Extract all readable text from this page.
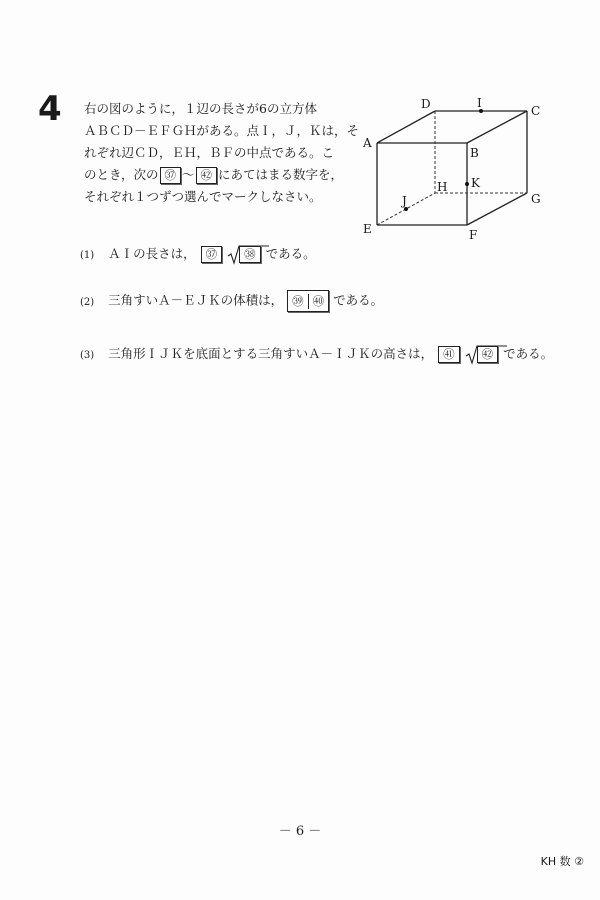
4 右の図のように，１辺の長さが6の立方体
ＡＢＣＤ－ＥＦＧＨがある。点Ｉ，Ｊ，Ｋは，そ
れぞれ辺ＣＤ，ＥＨ，ＢＦの中点である。こ
のとき，次の ㊲ ～ ㊷ にあてはまる数字を，
それぞれ１つずつ選んでマークしなさい。
A
B
C
D
E	F
G
H
I
J
K
(1) ＡＩの長さは， ㊲ ㊳ である。
(2) 三角すいＡ－ＥＪＫの体積は， ㊴ ㊵ である。
(3) 三角形ＩＪＫを底面とする三角すいＡ－ＩＪＫの高さは， ㊶ ㊷ である。
－ 6 －
KH 数 ②
